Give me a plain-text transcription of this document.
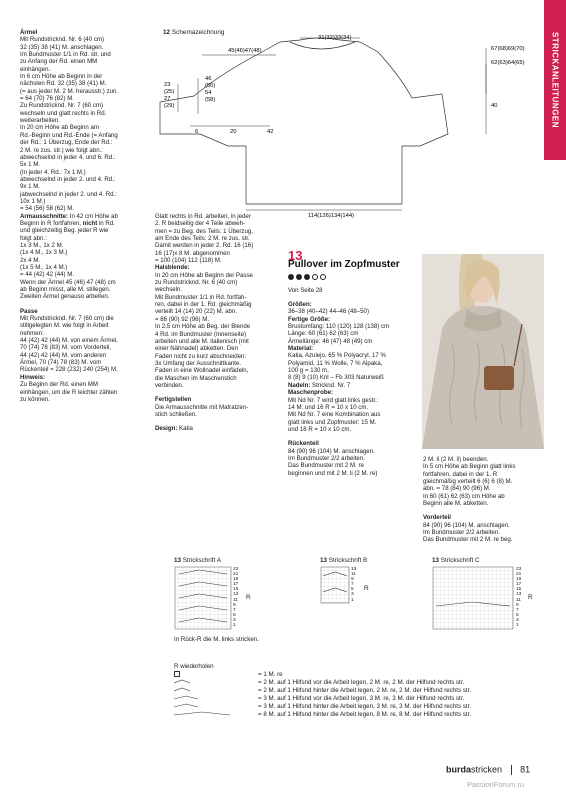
STRICKANLEITUNGEN

Ärmel

Mit Rundstricknd. Nr. 6 (40 cm)
32 (35) 38 (41) M. anschlagen.
Im Bundmuster 1/1 in Rd. str. und
zu Anfang der Rd. einen MM
einhängen.
In 6 cm Höhe ab Beginn in der
nächsten Rd. 32 (35) 38 (41) M.
(= aus jeder M. 2 M. herausstr.) zun.
= 64 (70) 76 (82) M.
Zu Rundstricknd. Nr. 7 (60 cm)
wechseln und glatt rechts in Rd.
weiterarbeiten.
In 20 cm Höhe ab Beginn am
Rd.-Beginn und Rd.-Ende (= Anfang
der Rd.: 1 Überzug, Ende der Rd.:
2 M. re zus. str.) wie folgt abn.:
abwechselnd in jeder 4. und 6. Rd.:
5x 1 M.
(In jeder 4. Rd.: 7x 1 M.)
abwechselnd in jeder 2. und 4. Rd.:
9x 1 M.
jabwechselnd in jeder 2. und 4. Rd.:
10x 1 M.)
= 54 (56) 58 (62) M.

Armausschnitte: In 42 cm Höhe ab
Beginn in R fortfahren, nicht in Rd.
und gleichzeitig Beg. jeder R wie
folgt abn.:
1x 3 M., 1x 2 M.
(1x 4 M., 1x 3 M.)
2x 4 M.
(1x 5 M., 1x 4 M.)
= 44 (42) 42 (44) M.
Wenn der Ärmel 45 (46) 47 (48) cm
ab Beginn misst, alle M. stillegen.
Zweiten Ärmel genauso arbeiten.

Passe

Mit Rundstricknd. Nr. 7 (60 cm) die
stillgelegten M. wie folgt in Arbeit
nehmen:
44 (42) 42 (44) M. von einem Ärmel,
70 (74) 78 (83) M. vom Vorderteil,
44 (42) 42 (44) M. vom anderen
Ärmel, 70 (74) 78 (83) M. vom
Rückenteil = 228 (232) 240 (254) M.

Hinweis:

Zu Beginn der Rd. einen MM
einhängen, um die R leichter zählen
zu können.

12 Schemazeichnung
31(32)33(34)
45(46)47(48)	67(68)69(70)
62(63)64(65)
40
23 (25) 27 (29)
46 (50) 54 (58)
6	20	42
114(126)134(144)

Glatt rechts in Rd. arbeiten, in jeder
2. R beidseitig der 4 Teile abweh-
men = zu Beg. des Teils: 1 Überzug,
am Ende des Teils: 2 M. re zus. str.
Damit werden in jeder 2. Rd. 16 (16)
16 (17)x 8 M. abgenommen
= 100 (104) 112 (118) M.

Halsblende:
In 20 cm Höhe ab Beginn der Passe
zu Rundstricknd. Nr. 6 (40 cm)
wechseln.
Mit Bundmuster 1/1 in Rd. fortfah-
ren, dabei in der 1. Rd. gleichmäßig
verteilt 14 (14) 20 (22) M. abn.
= 86 (90) 92 (96) M.
In 2,5 cm Höhe ab Beg. der Blende
4 Rd. im Bundmuster (Innenseite)
arbeiten und alle M. italienisch (mit
einer Nähnadel) abketten. Den
Faden nicht zu kurz abschneiden:
3x Umfang der Ausschnittkante.
Faden in eine Wollnadel einfädeln,
die Maschen im Maschenstich
verbinden.

Fertigstellen

Die Armausschnitte mit Matratzen-
stich schließen.

Design: Katia

13
Pullover im Zopfmuster

Von Seite 28

Größen:

36–38 (40–42) 44–46 (48–50)

Fertige Größe:

Brustumfang: 110 (120) 128 (138) cm
Länge: 60 (61) 62 (63) cm
Ärmellänge: 46 (47) 48 (49) cm

Material:

Katia, Azulejo, 65 % Polyacryl, 17 %
Polyamid, 11 % Wolle, 7 % Alpaka,
100 g = 130 m,
8 (8) 9 (10) Knl – Fb 303 Naturweiß

Nadeln: Stricknd. Nr. 7

Maschenprobe:

Mit Nd Nr. 7 wird glatt links gestr.:
14 M. und 16 R = 10 x 10 cm.
Mit Nd Nr. 7 eine Kombination aus
glatt links und Zopfmuster: 15 M.
und 16 R = 10 x 10 cm.

Rückenteil

84 (90) 96 (104) M. anschlagen.
Im Bundmuster 2/2 arbeiten.
Das Bundmuster mit 2 M. re
beginnen und mit 2 M. li (2 M. re)

2 M. li (2 M. li) beenden.
In 5 cm Höhe ab Beginn glatt links
fortfahren, dabei in der 1. R
gleichmäßig verteilt 6 (6) 6 (8) M.
abn. = 78 (84) 90 (96) M.
In 60 (61) 62 (63) cm Höhe ab
Beginn alle M. abketten.

Vorderteil

84 (90) 96 (104) M. anschlagen.
Im Bundmuster 2/2 arbeiten.
Das Bundmuster mit 2 M. re beg.

13 Strickschrift A
23
21
19
17
15
13
11
9
7
5
3
1
R
13 Strickschrift B
13
11
9
7
5
3
1
R
13 Strickschrift C
23
21
19
17
15
13
11
9
7
5
3
1
R
In Rück-R die M. links stricken.
R wiederholen
= 1 M. re
= 2 M. auf 1 Hilfsnd vor die Arbeit legen, 2 M. re, 2 M. der Hilfsnd rechts str.
= 2 M. auf 1 Hilfsnd hinter die Arbeit legen, 2 M. re, 2 M. der Hilfsnd rechts str.
= 3 M. auf 1 Hilfsnd vor die Arbeit legen, 3 M. re, 3 M. der Hilfsnd rechts str.
= 3 M. auf 1 Hilfsnd hinter die Arbeit legen, 3 M. re, 3 M. der Hilfsnd rechts str.
= 8 M. auf 1 Hilfsnd hinter die Arbeit legen, 8 M. re, 8 M. der Hilfsnd rechts str.
burdastricken 81
PassionForum.ru
